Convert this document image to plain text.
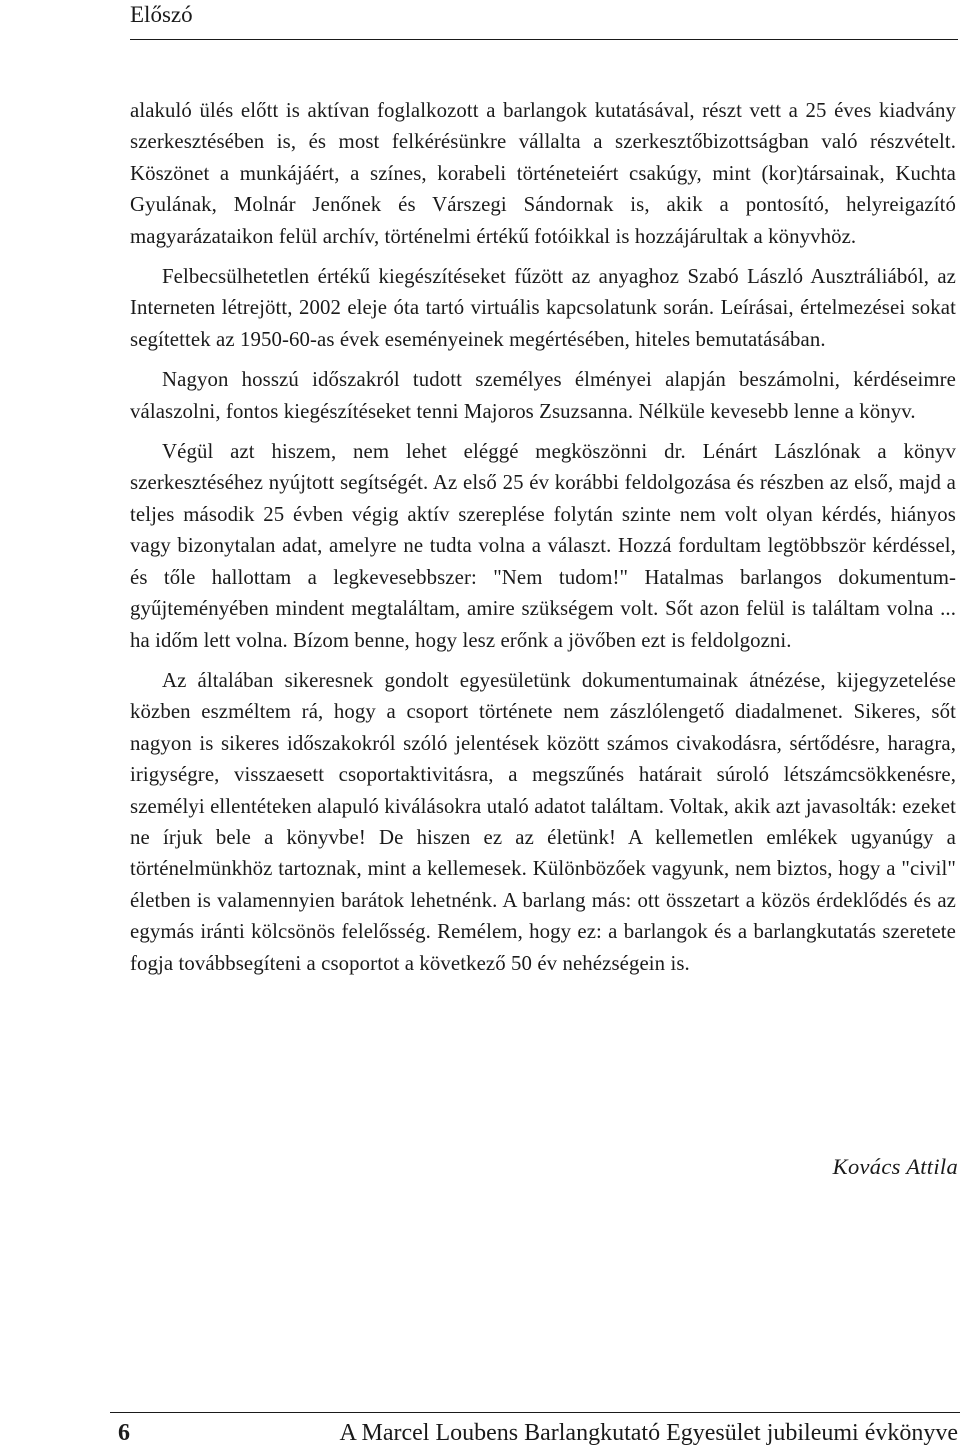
Előszó

alakuló ülés előtt is aktívan foglalkozott a barlangok kutatásával, részt vett a 25 éves kiadvány szerkesztésében is, és most felkérésünkre vállalta a szerkesztőbizottságban való részvételt. Köszönet a munkájáért, a színes, korabeli történeteiért csakúgy, mint (kor)társainak, Kuchta Gyulának, Molnár Jenőnek és Várszegi Sándornak is, akik a pontosító, helyreigazító magyarázataikon felül archív, történelmi értékű fotóikkal is hozzájárultak a könyvhöz.

Felbecsülhetetlen értékű kiegészítéseket fűzött az anyaghoz Szabó László Ausztráliából, az Interneten létrejött, 2002 eleje óta tartó virtuális kapcsolatunk során. Leírásai, értelmezései sokat segítettek az 1950-60-as évek eseményeinek megértésében, hiteles bemutatásában.

Nagyon hosszú időszakról tudott személyes élményei alapján beszámolni, kérdéseimre válaszolni, fontos kiegészítéseket tenni Majoros Zsuzsanna. Nélküle kevesebb lenne a könyv.

Végül azt hiszem, nem lehet eléggé megköszönni dr. Lénárt Lászlónak a könyv szerkesztéséhez nyújtott segítségét. Az első 25 év korábbi feldolgozása és részben az első, majd a teljes második 25 évben végig aktív szereplése folytán szinte nem volt olyan kérdés, hiányos vagy bizonytalan adat, amelyre ne tudta volna a választ. Hozzá fordultam legtöbbször kérdéssel, és tőle hallottam a legkevesebbszer: "Nem tudom!" Hatalmas barlangos dokumentum-gyűjteményében mindent megtaláltam, amire szükségem volt. Sőt azon felül is találtam volna ... ha időm lett volna. Bízom benne, hogy lesz erőnk a jövőben ezt is feldolgozni.

Az általában sikeresnek gondolt egyesületünk dokumentumainak átnézése, kijegyzetelése közben eszméltem rá, hogy a csoport története nem zászlólengető diadalmenet. Sikeres, sőt nagyon is sikeres időszakokról szóló jelentések között számos civakodásra, sértődésre, haragra, irigységre, visszaesett csoportaktivitásra, a megszűnés határait súroló létszámcsökkenésre, személyi ellentéteken alapuló kiválásokra utaló adatot találtam. Voltak, akik azt javasolták: ezeket ne írjuk bele a könyvbe! De hiszen ez az életünk! A kellemetlen emlékek ugyanúgy a történelmünkhöz tartoznak, mint a kellemesek. Különbözőek vagyunk, nem biztos, hogy a "civil" életben is valamennyien barátok lehetnénk. A barlang más: ott összetart a közös érdeklődés és az egymás iránti kölcsönös felelősség. Remélem, hogy ez: a barlangok és a barlangkutatás szeretete fogja továbbsegíteni a csoportot a következő 50 év nehézségein is.

Kovács Attila
6	A Marcel Loubens Barlangkutató Egyesület jubileumi évkönyve
